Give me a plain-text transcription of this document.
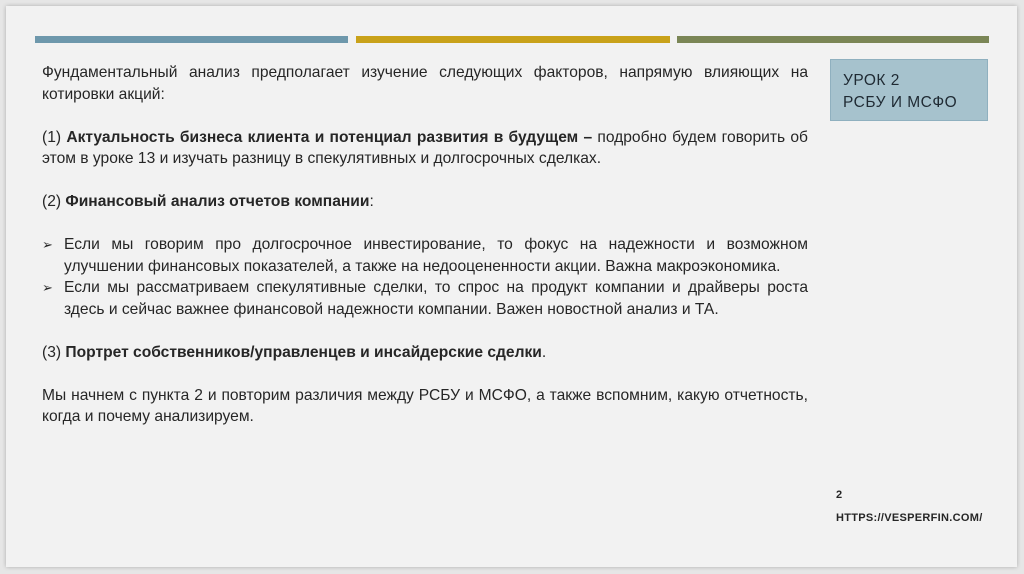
Фундаментальный анализ предполагает изучение следующих факторов, напрямую влияющих на котировки акций:

(1) Актуальность бизнеса клиента и потенциал развития в будущем – подробно будем говорить об этом в уроке 13 и изучать разницу в спекулятивных и долгосрочных сделках.

(2) Финансовый анализ отчетов компании:

➢ Если мы говорим про долгосрочное инвестирование, то фокус на надежности и возможном улучшении финансовых показателей, а также на недооцененности акции. Важна макроэкономика.
➢ Если мы рассматриваем спекулятивные сделки, то спрос на продукт компании и драйверы роста здесь и сейчас важнее финансовой надежности компании. Важен новостной анализ и ТА.

(3) Портрет собственников/управленцев и инсайдерские сделки.

Мы начнем с пункта 2 и повторим различия между РСБУ и МСФО, а также вспомним, какую отчетность, когда и почему анализируем.

УРОК 2
РСБУ И МСФО
2
HTTPS://VESPERFIN.COM/
